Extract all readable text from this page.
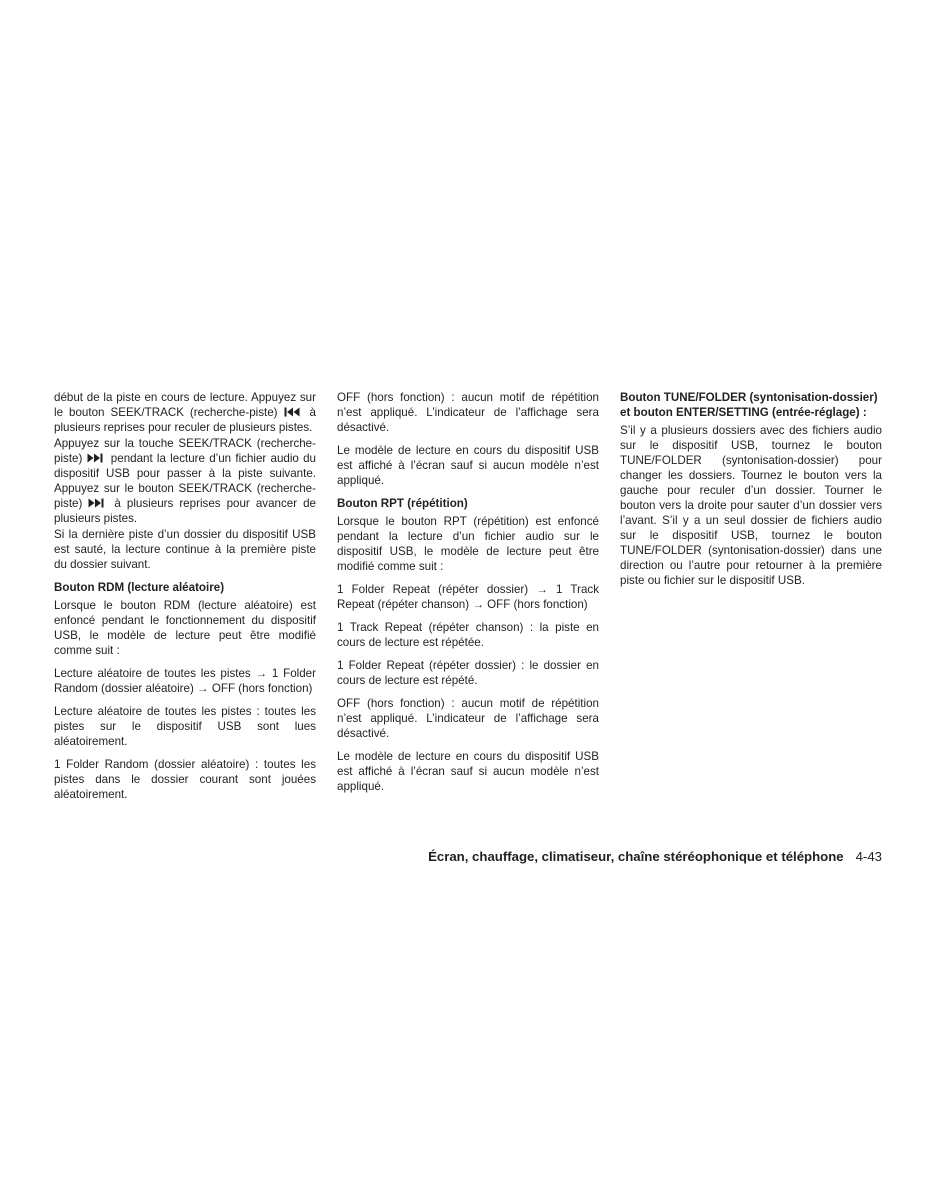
début de la piste en cours de lecture. Appuyez sur le bouton SEEK/TRACK (recherche-piste)
à plusieurs reprises pour reculer de plusieurs pistes.

Appuyez sur la touche SEEK/TRACK (recherche-piste)
pendant la lecture d’un fichier audio du dispositif USB pour passer à la piste suivante. Appuyez sur le bouton SEEK/TRACK (recherche-piste)
à plusieurs reprises pour avancer de plusieurs pistes.

Si la dernière piste d’un dossier du dispositif USB est sauté, la lecture continue à la première piste du dossier suivant.

Bouton RDM (lecture aléatoire)

Lorsque le bouton RDM (lecture aléatoire) est enfoncé pendant le fonctionnement du dispositif USB, le modèle de lecture peut être modifié comme suit :

Lecture aléatoire de toutes les pistes → 1 Folder Random (dossier aléatoire) → OFF (hors fonction)

Lecture aléatoire de toutes les pistes : toutes les pistes sur le dispositif USB sont lues aléatoirement.

1 Folder Random (dossier aléatoire) : toutes les pistes dans le dossier courant sont jouées aléatoirement.

OFF (hors fonction) : aucun motif de répétition n’est appliqué. L’indicateur de l’affichage sera désactivé.

Le modèle de lecture en cours du dispositif USB est affiché à l’écran sauf si aucun modèle n’est appliqué.

Bouton RPT (répétition)

Lorsque le bouton RPT (répétition) est enfoncé pendant la lecture d’un fichier audio sur le dispositif USB, le modèle de lecture peut être modifié comme suit :

1 Folder Repeat (répéter dossier) → 1 Track Repeat (répéter chanson) → OFF (hors fonction)

1 Track Repeat (répéter chanson) : la piste en cours de lecture est répétée.

1 Folder Repeat (répéter dossier) : le dossier en cours de lecture est répété.

OFF (hors fonction) : aucun motif de répétition n’est appliqué. L’indicateur de l’affichage sera désactivé.

Le modèle de lecture en cours du dispositif USB est affiché à l’écran sauf si aucun modèle n’est appliqué.

Bouton TUNE/FOLDER (syntonisation-dossier) et bouton ENTER/SETTING (entrée-réglage) :

S’il y a plusieurs dossiers avec des fichiers audio sur le dispositif USB, tournez le bouton TUNE/FOLDER (syntonisation-dossier) pour changer les dossiers. Tournez le bouton vers la gauche pour reculer d’un dossier. Tourner le bouton vers la droite pour sauter d’un dossier vers l’avant. S’il y a un seul dossier de fichiers audio sur le dispositif USB, tournez le bouton TUNE/FOLDER (syntonisation-dossier) dans une direction ou l’autre pour retourner à la première piste ou fichier sur le dispositif USB.

Écran, chauffage, climatiseur, chaîne stéréophonique et téléphone 4-43
